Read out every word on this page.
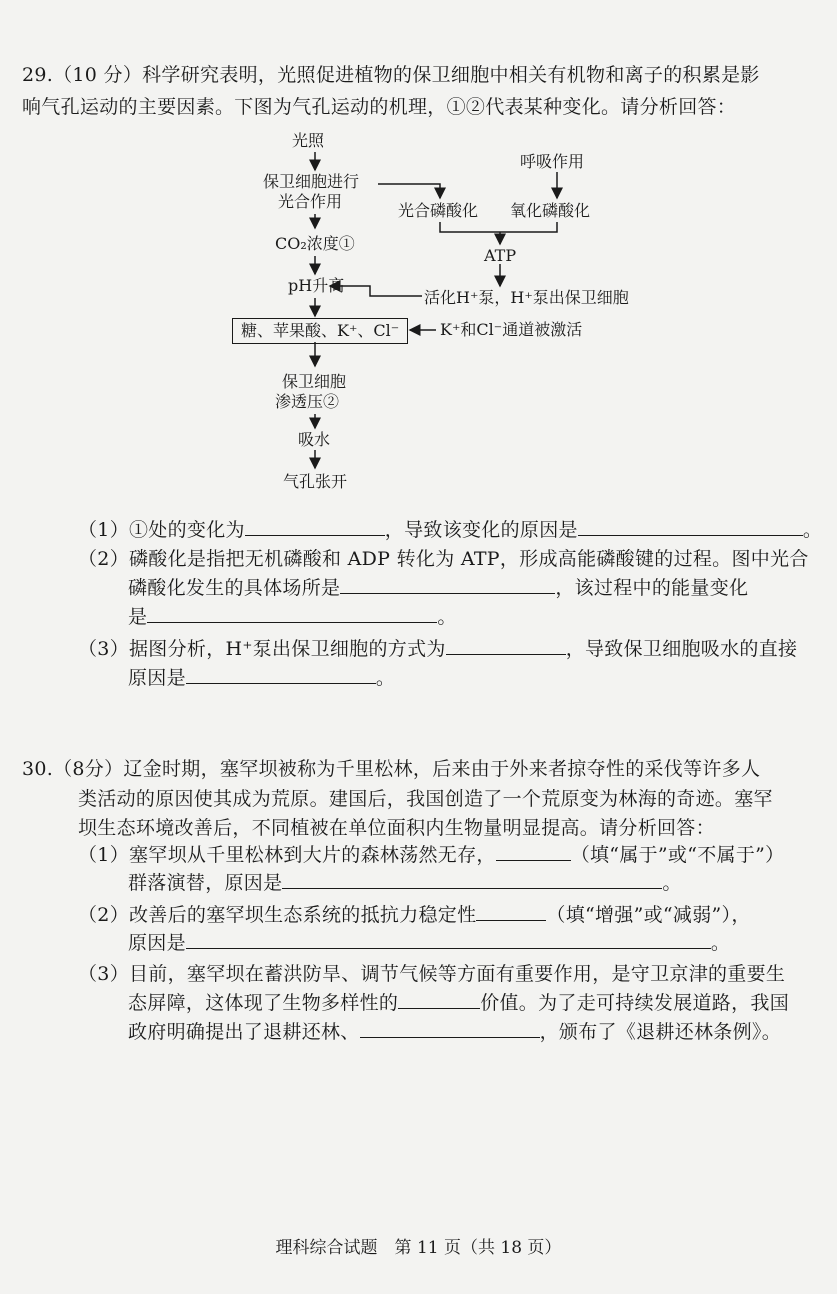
29.（10 分）科学研究表明，光照促进植物的保卫细胞中相关有机物和离子的积累是影
响气孔运动的主要因素。下图为气孔运动的机理，①②代表某种变化。请分析回答：
光照
保卫细胞进行
光合作用
呼吸作用
光合磷酸化 氧化磷酸化
CO₂浓度①
ATP
pH升高
活化H⁺泵，H⁺泵出保卫细胞
糖、苹果酸、K⁺、Cl⁻	K⁺和Cl⁻通道被激活
保卫细胞
渗透压②
吸水
气孔张开
（1）①处的变化为	，导致该变化的原因是	。
（2）磷酸化是指把无机磷酸和 ADP 转化为 ATP，形成高能磷酸键的过程。图中光合
磷酸化发生的具体场所是	，该过程中的能量变化
是	。
（3）据图分析，H⁺泵出保卫细胞的方式为	，导致保卫细胞吸水的直接
原因是	。
30.（8分）辽金时期，塞罕坝被称为千里松林，后来由于外来者掠夺性的采伐等许多人
类活动的原因使其成为荒原。建国后，我国创造了一个荒原变为林海的奇迹。塞罕
坝生态环境改善后，不同植被在单位面积内生物量明显提高。请分析回答：
（1）塞罕坝从千里松林到大片的森林荡然无存，	（填“属于”或“不属于”）
群落演替，原因是	。
（2）改善后的塞罕坝生态系统的抵抗力稳定性	（填“增强”或“减弱”），
原因是	。
（3）目前，塞罕坝在蓄洪防旱、调节气候等方面有重要作用，是守卫京津的重要生
态屏障，这体现了生物多样性的	价值。为了走可持续发展道路，我国
政府明确提出了退耕还林、	，颁布了《退耕还林条例》。
理科综合试题　第 11 页（共 18 页）
